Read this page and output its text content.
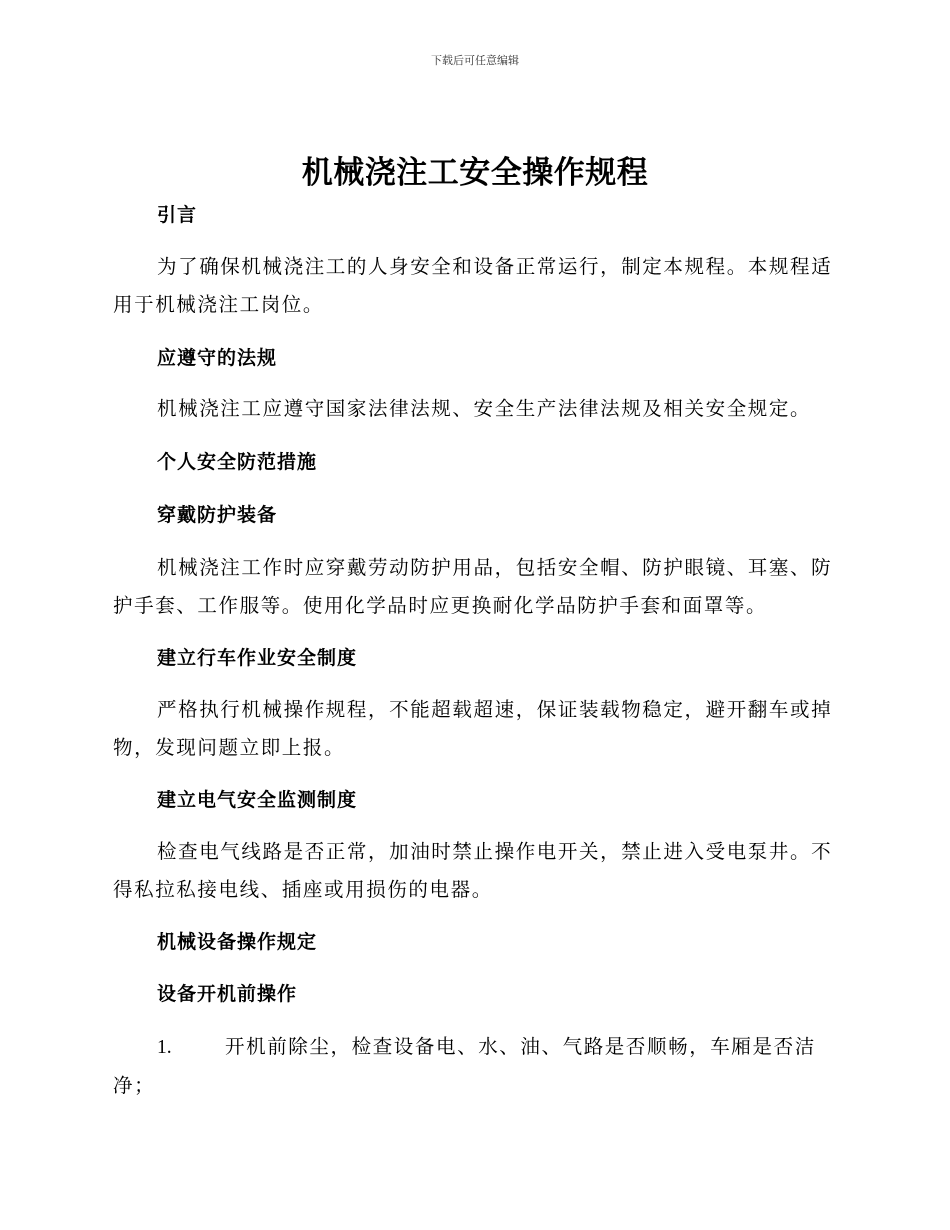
下载后可任意编辑
机械浇注工安全操作规程
引言
为了确保机械浇注工的人身安全和设备正常运行，制定本规程。本规程适用于机械浇注工岗位。
应遵守的法规
机械浇注工应遵守国家法律法规、安全生产法律法规及相关安全规定。
个人安全防范措施
穿戴防护装备
机械浇注工作时应穿戴劳动防护用品，包括安全帽、防护眼镜、耳塞、防护手套、工作服等。使用化学品时应更换耐化学品防护手套和面罩等。
建立行车作业安全制度
严格执行机械操作规程，不能超载超速，保证装载物稳定，避开翻车或掉物，发现问题立即上报。
建立电气安全监测制度
检查电气线路是否正常，加油时禁止操作电开关，禁止进入受电泵井。不得私拉私接电线、插座或用损伤的电器。
机械设备操作规定
设备开机前操作
1.	开机前除尘，检查设备电、水、油、气路是否顺畅，车厢是否洁净；
